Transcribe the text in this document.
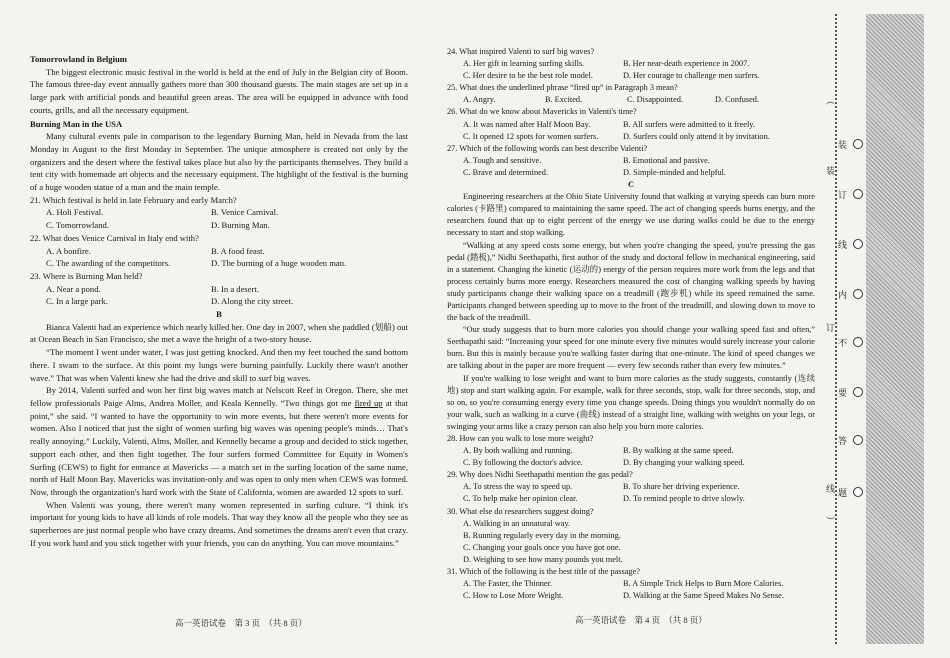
Tomorrowland in Belgium
The biggest electronic music festival in the world is held at the end of July in the Belgian city of Boom. The famous three-day event annually gathers more than 300 thousand guests. The main stages are set up in a large park with artificial ponds and beautiful green areas. The area will be equipped in advance with food courts, grills, and all the necessary equipment.
Burning Man in the USA
Many cultural events pale in comparison to the legendary Burning Man, held in Nevada from the last Monday in August to the first Monday in September. The unique atmosphere is created not only by the organizers and the desert where the festival takes place but also by the participants themselves. They build a tent city with homemade art objects and the necessary equipment. The highlight of the festival is the burning of a huge wooden statue of a man and the main temple.
21. Which festival is held in late February and early March?
A. Holi Festival.	B. Venice Carnival.
C. Tomorrowland.	D. Burning Man.
22. What does Venice Carnival in Italy end with?
A. A bonfire.	B. A food feast.
C. The awarding of the competitors.	D. The burning of a huge wooden man.
23. Where is Burning Man held?
A. Near a pond.	B. In a desert.
C. In a large park.	D. Along the city street.
B
Bianca Valenti had an experience which nearly killed her. One day in 2007, when she paddled (划船) out at Ocean Beach in San Francisco, she met a wave the height of a two-story house.
“The moment I went under water, I was just getting knocked. And then my feet touched the sand bottom there. I swam to the surface. At this point my lungs were burning painfully. Luckily there wasn't another wave.” That was when Valenti knew she had the drive and skill to surf big waves.
By 2014, Valenti surfed and won her first big waves match at Nelscott Reef in Oregon. There, she met fellow professionals Paige Alms, Andrea Moller, and Keala Kennelly. “Two things got me fired up at that point,” she said. “I wanted to have the opportunity to win more events, but there weren't more events for women. Also I noticed that just the sight of women surfing big waves was opening people's minds… That's really annoying.” Luckily, Valenti, Alms, Moller, and Kennelly became a group and decided to stick together, support each other, and then fight together. The four surfers formed Committee for Equity in Women's Surfing (CEWS) to fight for entrance at Mavericks — a match set in the surfing location of the same name, north of Half Moon Bay. Mavericks was invitation-only and was open to only men when CEWS was formed. Now, through the organization's hard work with the State of California, women are awarded 12 spots to surf.
When Valenti was young, there weren't many women represented in surfing culture. “I think it's important for young kids to have all kinds of role models. That way they know all the people who they see as superheroes are just normal people who have crazy dreams. And sometimes the dreams aren't even that crazy. If you work hard and you stick together with your friends, you can do anything. You can move mountains.”
高一英语试卷　第 3 页　（共 8 页）
24. What inspired Valenti to surf big waves?
A. Her gift in learning surfing skills.	B. Her near-death experience in 2007.
C. Her desire to be the best role model.	D. Her courage to challenge men surfers.
25. What does the underlined phrase “fired up” in Paragraph 3 mean?
A. Angry.	B. Excited.	C. Disappointed.	D. Confused.
26. What do we know about Mavericks in Valenti's time?
A. It was named after Half Moon Bay.	B. All surfers were admitted to it freely.
C. It opened 12 spots for women surfers.	D. Surfers could only attend it by invitation.
27. Which of the following words can best describe Valenti?
A. Tough and sensitive.	B. Emotional and passive.
C. Brave and determined.	D. Simple-minded and helpful.
C
Engineering researchers at the Ohio State University found that walking at varying speeds can burn more calories (卡路里) compared to maintaining the same speed. The act of changing speeds burns energy, and the researchers found that up to eight percent of the energy we use during walks could be due to the energy necessary to start and stop walking.
“Walking at any speed costs some energy, but when you're changing the speed, you're pressing the gas pedal (踏板),” Nidhi Seethapathi, first author of the study and doctoral fellow in mechanical engineering, said in a statement. Changing the kinetic (运动的) energy of the person requires more work from the legs and that process certainly burns more energy. Researchers measured the cost of changing walking speeds by having study participants change their walking space on a treadmill (跑步机) while its speed remained the same. Participants changed between speeding up to move to the front of the treadmill, and slowing down to move to the back of the treadmill.
“Our study suggests that to burn more calories you should change your walking speed fast and often,” Seethapathi said: “Increasing your speed for one minute every five minutes would surely increase your calorie burn. But this is mainly because you're walking faster during that one-minute. The kind of speed changes we are talking about in the paper are more frequent — every few seconds rather than every few minutes.”
If you're walking to lose weight and want to burn more calories as the study suggests, constantly (连续地) stop and start walking again. For example, walk for three seconds, stop, walk for three seconds, stop, and so on, so you're consuming energy every time you change speeds. Doing things you wouldn't normally do on your walk, such as walking in a curve (曲线) instead of a straight line, walking with weights on your legs, or swinging your arms like a crazy person can also help you burn more calories.
28. How can you walk to lose more weight?
A. By both walking and running.	B. By walking at the same speed.
C. By following the doctor's advice.	D. By changing your walking speed.
29. Why does Nidhi Seethapathi mention the gas pedal?
A. To stress the way to speed up.	B. To share her driving experience.
C. To help make her opinion clear.	D. To remind people to drive slowly.
30. What else do researchers suggest doing?
A. Walking in an unnatural way.
B. Running regularly every day in the morning.
C. Changing your goals once you have got one.
D. Weighing to see how many pounds you melt.
31. Which of the following is the best title of the passage?
A. The Faster, the Thinner.	B. A Simple Trick Helps to Burn More Calories.
C. How to Lose More Weight.	D. Walking at the Same Speed Makes No Sense.
高一英语试卷　第 4 页　（共 8 页）
︵
装
订
线
︶
装
订
线
内
不
要
答
题
